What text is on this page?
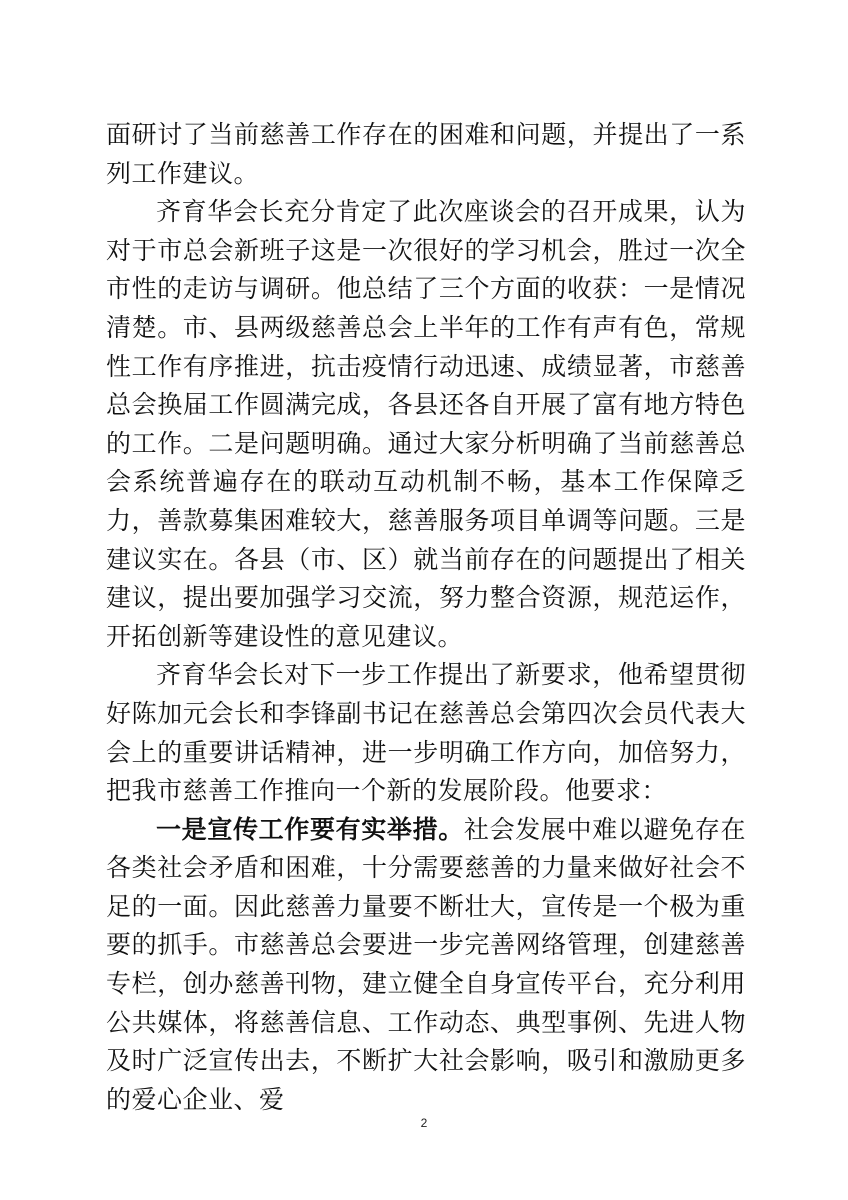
面研讨了当前慈善工作存在的困难和问题，并提出了一系列工作建议。

齐育华会长充分肯定了此次座谈会的召开成果，认为对于市总会新班子这是一次很好的学习机会，胜过一次全市性的走访与调研。他总结了三个方面的收获：一是情况清楚。市、县两级慈善总会上半年的工作有声有色，常规性工作有序推进，抗击疫情行动迅速、成绩显著，市慈善总会换届工作圆满完成，各县还各自开展了富有地方特色的工作。二是问题明确。通过大家分析明确了当前慈善总会系统普遍存在的联动互动机制不畅，基本工作保障乏力，善款募集困难较大，慈善服务项目单调等问题。三是建议实在。各县（市、区）就当前存在的问题提出了相关建议，提出要加强学习交流，努力整合资源，规范运作，开拓创新等建设性的意见建议。

齐育华会长对下一步工作提出了新要求，他希望贯彻好陈加元会长和李锋副书记在慈善总会第四次会员代表大会上的重要讲话精神，进一步明确工作方向，加倍努力，把我市慈善工作推向一个新的发展阶段。他要求：

一是宣传工作要有实举措。社会发展中难以避免存在各类社会矛盾和困难，十分需要慈善的力量来做好社会不足的一面。因此慈善力量要不断壮大，宣传是一个极为重要的抓手。市慈善总会要进一步完善网络管理，创建慈善专栏，创办慈善刊物，建立健全自身宣传平台，充分利用公共媒体，将慈善信息、工作动态、典型事例、先进人物及时广泛宣传出去，不断扩大社会影响，吸引和激励更多的爱心企业、爱

2
